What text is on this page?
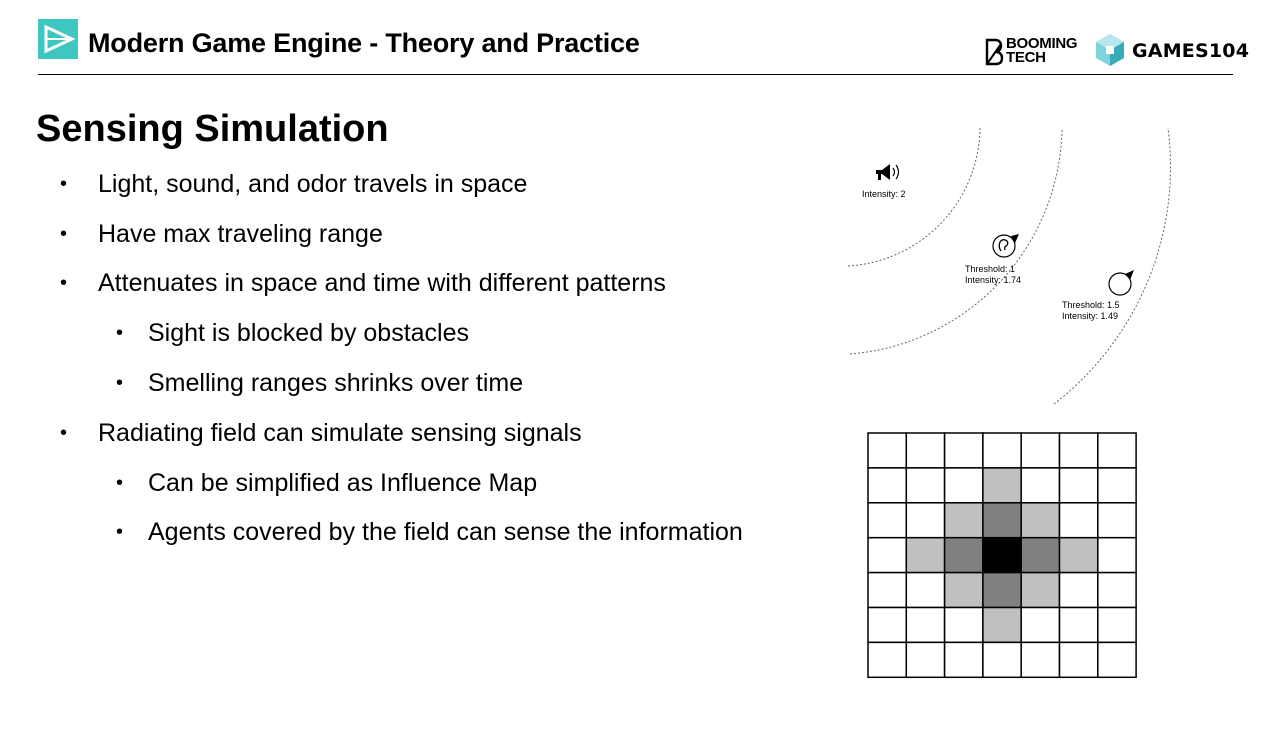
Modern Game Engine - Theory and Practice	BOOMING
TECH	GAMES104
Sensing Simulation
• Light, sound, and odor travels in space
• Have max traveling range
• Attenuates in space and time with different patterns
• Sight is blocked by obstacles
• Smelling ranges shrinks over time
• Radiating field can simulate sensing signals
• Can be simplified as Influence Map
• Agents covered by the field can sense the information
Intensity: 2
Threshold: 1
Intensity: 1.74
Threshold: 1.5
Intensity: 1.49
